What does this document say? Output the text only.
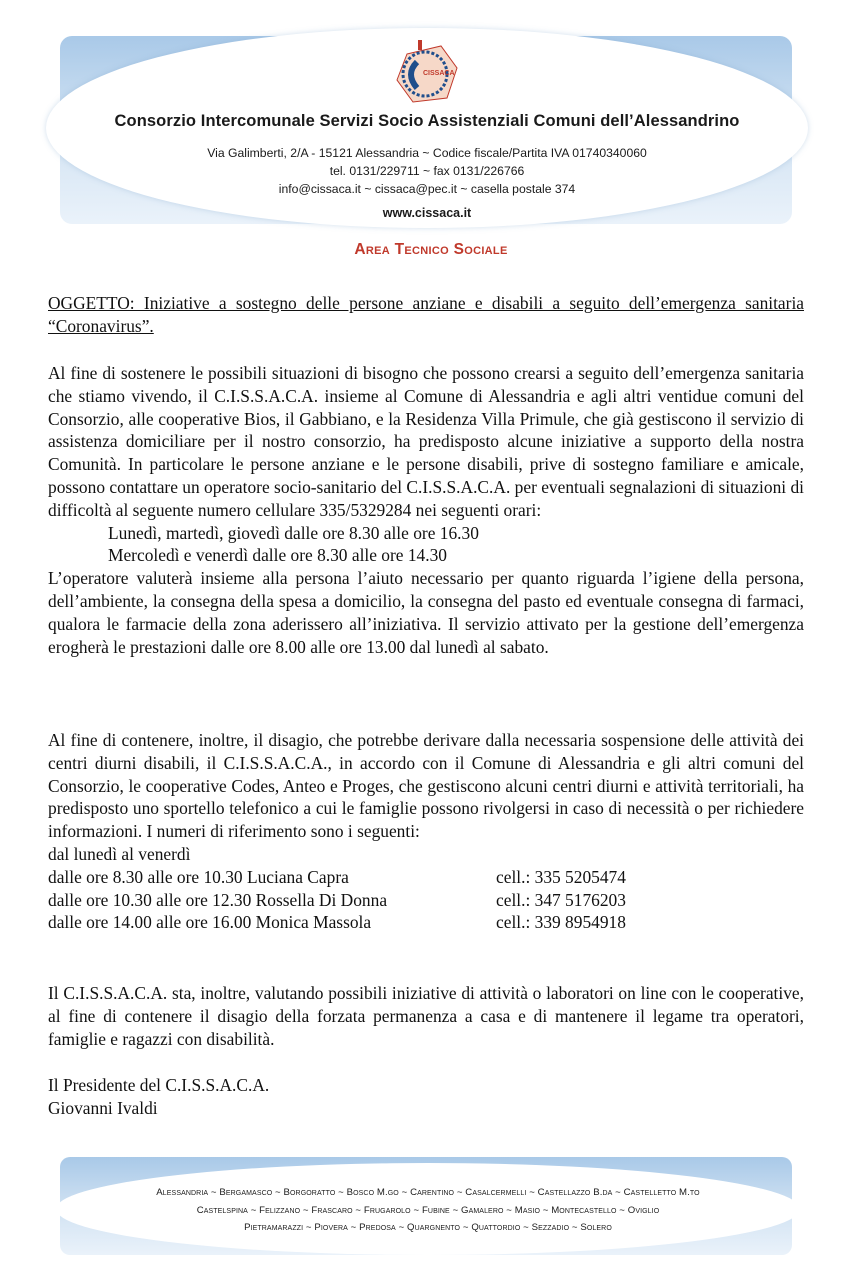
CISSACA
Consorzio Intercomunale Servizi Socio Assistenziali Comuni dell’Alessandrino
Via Galimberti, 2/A - 15121 Alessandria ~ Codice fiscale/Partita IVA 01740340060
tel. 0131/229711 ~ fax 0131/226766
info@cissaca.it ~ cissaca@pec.it ~ casella postale 374
www.cissaca.it
Area Tecnico Sociale

OGGETTO: Iniziative a sostegno delle persone anziane e disabili a seguito dell’emergenza sanitaria “Coronavirus”.

Al fine di sostenere le possibili situazioni di bisogno che possono crearsi a seguito dell’emergenza sanitaria che stiamo vivendo, il C.I.S.S.A.C.A. insieme al Comune di Alessandria e agli altri ventidue comuni del Consorzio, alle cooperative Bios, il Gabbiano, e la Residenza Villa Primule, che già gestiscono il servizio di assistenza domiciliare per il nostro consorzio, ha predisposto alcune iniziative a supporto della nostra Comunità. In particolare le persone anziane e le persone disabili, prive di sostegno familiare e amicale, possono contattare un operatore socio-sanitario del C.I.S.S.A.C.A. per eventuali segnalazioni di situazioni di difficoltà al seguente numero cellulare 335/5329284 nei seguenti orari:

Lunedì, martedì, giovedì dalle ore 8.30 alle ore 16.30

Mercoledì e venerdì dalle ore 8.30 alle ore 14.30

L’operatore valuterà insieme alla persona l’aiuto necessario per quanto riguarda l’igiene della persona, dell’ambiente, la consegna della spesa a domicilio, la consegna del pasto ed eventuale consegna di farmaci, qualora le farmacie della zona aderissero all’iniziativa. Il servizio attivato per la gestione dell’emergenza erogherà le prestazioni dalle ore 8.00 alle ore 13.00 dal lunedì al sabato.

Al fine di contenere, inoltre, il disagio, che potrebbe derivare dalla necessaria sospensione delle attività dei centri diurni disabili, il C.I.S.S.A.C.A., in accordo con il Comune di Alessandria e gli altri comuni del Consorzio, le cooperative Codes, Anteo e Proges, che gestiscono alcuni centri diurni e attività territoriali, ha predisposto uno sportello telefonico a cui le famiglie possono rivolgersi in caso di necessità o per richiedere informazioni. I numeri di riferimento sono i seguenti:

dal lunedì al venerdì

dalle ore 8.30 alle ore 10.30 Luciana Capra	cell.: 335 5205474
dalle ore 10.30 alle ore 12.30 Rossella Di Donna	cell.: 347 5176203
dalle ore 14.00 alle ore 16.00 Monica Massola	cell.: 339 8954918

Il C.I.S.S.A.C.A. sta, inoltre, valutando possibili iniziative di attività o laboratori on line con le cooperative, al fine di contenere il disagio della forzata permanenza a casa e di mantenere il legame tra operatori, famiglie e ragazzi con disabilità.

Il Presidente del C.I.S.S.A.C.A.

Giovanni Ivaldi

Alessandria ~ Bergamasco ~ Borgoratto ~ Bosco M.go ~ Carentino ~ Casalcermelli ~ Castellazzo B.da ~ Castelletto M.to
Castelspina ~ Felizzano ~ Frascaro ~ Frugarolo ~ Fubine ~ Gamalero ~ Masio ~ Montecastello ~ Oviglio
Pietramarazzi ~ Piovera ~ Predosa ~ Quargnento ~ Quattordio ~ Sezzadio ~ Solero
